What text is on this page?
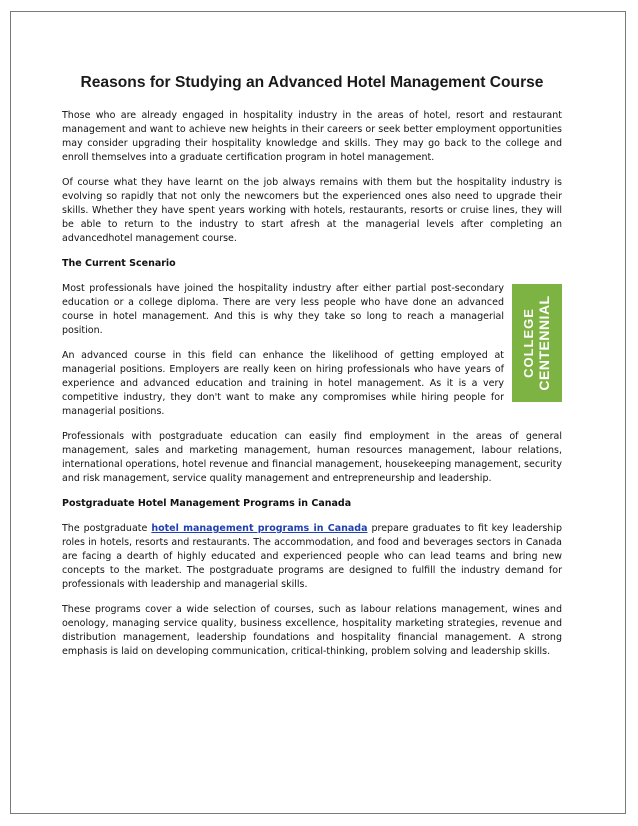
Reasons for Studying an Advanced Hotel Management Course

Those who are already engaged in hospitality industry in the areas of hotel, resort and restaurant management and want to achieve new heights in their careers or seek better employment opportunities may consider upgrading their hospitality knowledge and skills. They may go back to the college and enroll themselves into a graduate certification program in hotel management.

Of course what they have learnt on the job always remains with them but the hospitality industry is evolving so rapidly that not only the newcomers but the experienced ones also need to upgrade their skills. Whether they have spent years working with hotels, restaurants, resorts or cruise lines, they will be able to return to the industry to start afresh at the managerial levels after completing an advancedhotel management course.

The Current Scenario

COLLEGE CENTENNIAL
Most professionals have joined the hospitality industry after either partial post-secondary education or a college diploma. There are very less people who have done an advanced course in hotel management. And this is why they take so long to reach a managerial position.

An advanced course in this field can enhance the likelihood of getting employed at managerial positions. Employers are really keen on hiring professionals who have years of experience and advanced education and training in hotel management. As it is a very competitive industry, they don't want to make any compromises while hiring people for managerial positions.

Professionals with postgraduate education can easily find employment in the areas of general management, sales and marketing management, human resources management, labour relations, international operations, hotel revenue and financial management, housekeeping management, security and risk management, service quality management and entrepreneurship and leadership.

Postgraduate Hotel Management Programs in Canada

The postgraduate hotel management programs in Canada prepare graduates to fit key leadership roles in hotels, resorts and restaurants. The accommodation, and food and beverages sectors in Canada are facing a dearth of highly educated and experienced people who can lead teams and bring new concepts to the market. The postgraduate programs are designed to fulfill the industry demand for professionals with leadership and managerial skills.

These programs cover a wide selection of courses, such as labour relations management, wines and oenology, managing service quality, business excellence, hospitality marketing strategies, revenue and distribution management, leadership foundations and hospitality financial management. A strong emphasis is laid on developing communication, critical-thinking, problem solving and leadership skills.
